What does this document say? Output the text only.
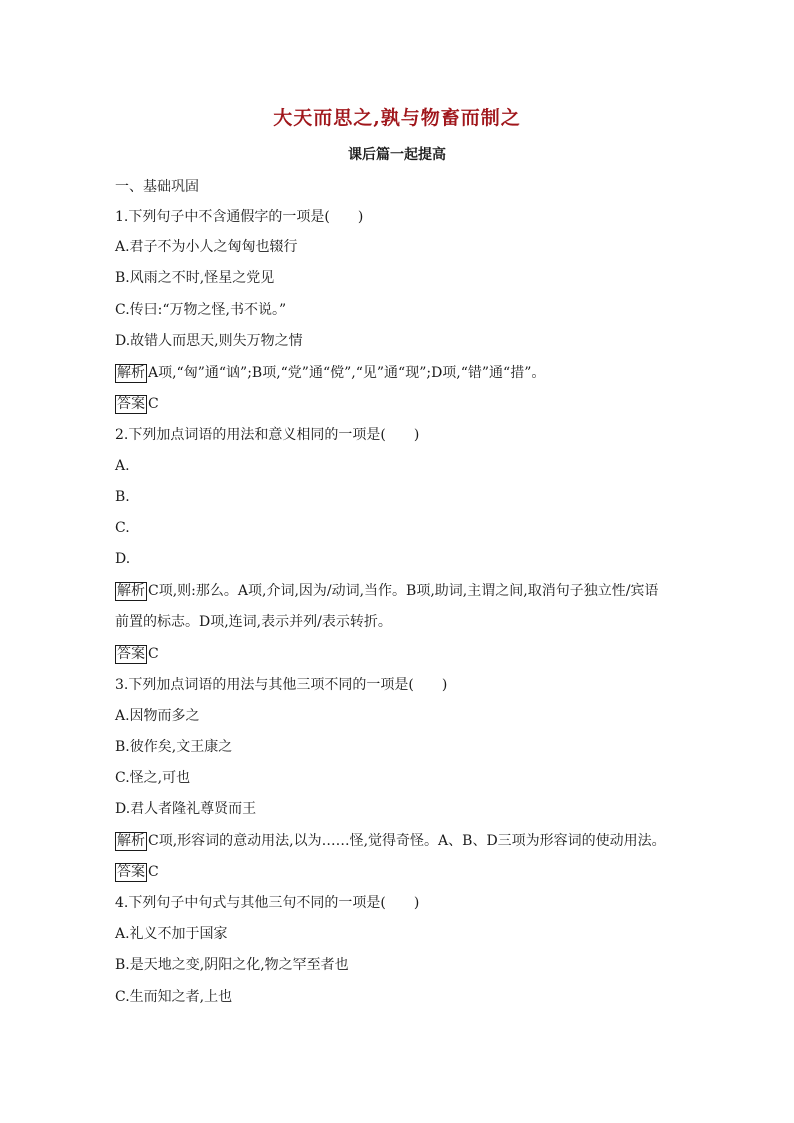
大天而思之,孰与物畜而制之
课后篇一起提高
一、基础巩固
1.下列句子中不含通假字的一项是(　　)
A.君子不为小人之匈匈也辍行
B.风雨之不时,怪星之党见
C.传曰:“万物之怪,书不说。”
D.故错人而思天,则失万物之情
解析 A项,“匈”通“讻”;B项,“党”通“傥”,“见”通“现”;D项,“错”通“措”。
答案 C
2.下列加点词语的用法和意义相同的一项是(　　)
A.
B.
C.
D.
解析 C项,则:那么。A项,介词,因为/动词,当作。B项,助词,主谓之间,取消句子独立性/宾语
前置的标志。D项,连词,表示并列/表示转折。
答案 C
3.下列加点词语的用法与其他三项不同的一项是(　　)
A.因物而多之
B.彼作矣,文王康之
C.怪之,可也
D.君人者隆礼尊贤而王
解析 C项,形容词的意动用法,以为……怪,觉得奇怪。A、B、D三项为形容词的使动用法。
答案 C
4.下列句子中句式与其他三句不同的一项是(　　)
A.礼义不加于国家
B.是天地之变,阴阳之化,物之罕至者也
C.生而知之者,上也
